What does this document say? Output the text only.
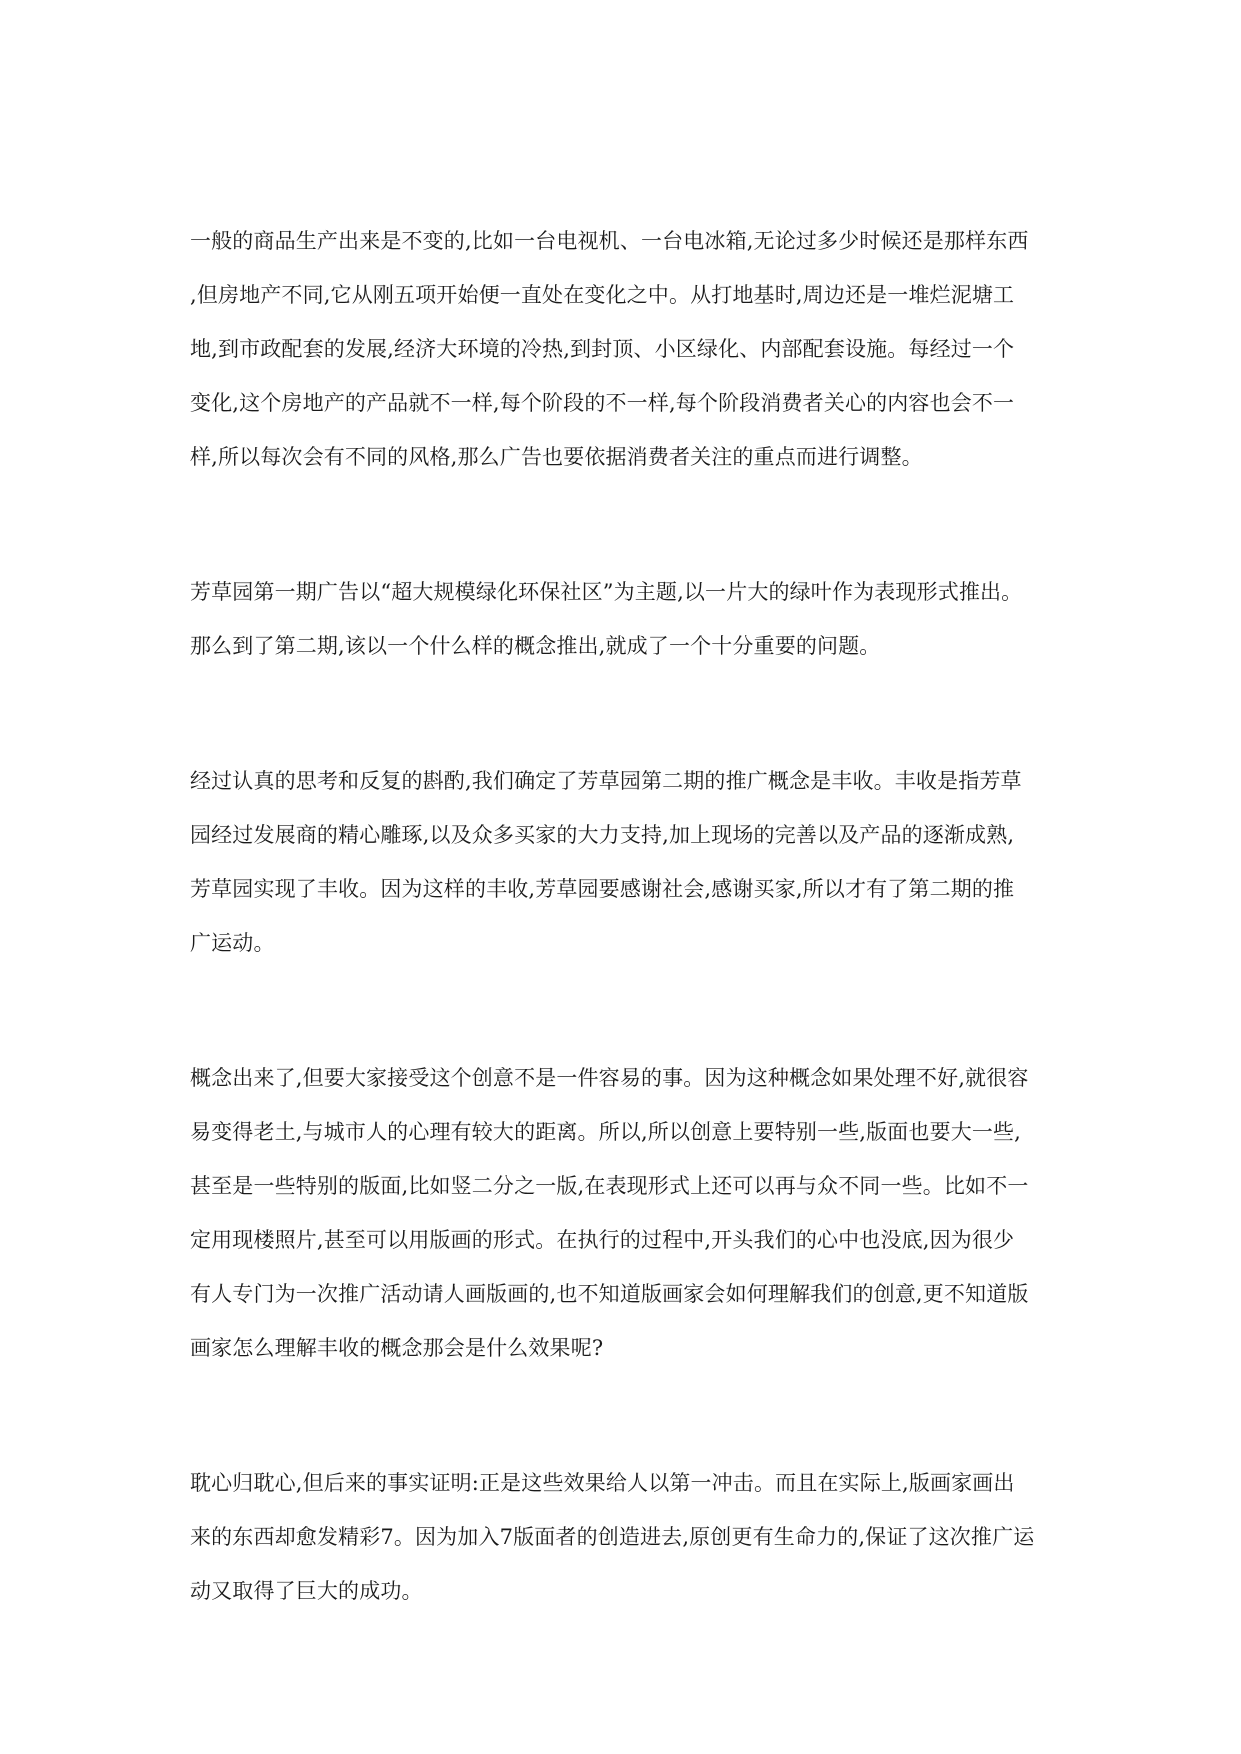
一般的商品生产出来是不变的,比如一台电视机、一台电冰箱,无论过多少时候还是那样东西
,但房地产不同,它从刚五项开始便一直处在变化之中。从打地基时,周边还是一堆烂泥塘工
地,到市政配套的发展,经济大环境的冷热,到封顶、小区绿化、内部配套设施。每经过一个
变化,这个房地产的产品就不一样,每个阶段的不一样,每个阶段消费者关心的内容也会不一
样,所以每次会有不同的风格,那么广告也要依据消费者关注的重点而进行调整。

芳草园第一期广告以“超大规模绿化环保社区”为主题,以一片大的绿叶作为表现形式推出。
那么到了第二期,该以一个什么样的概念推出,就成了一个十分重要的问题。

经过认真的思考和反复的斟酌,我们确定了芳草园第二期的推广概念是丰收。丰收是指芳草
园经过发展商的精心雕琢,以及众多买家的大力支持,加上现场的完善以及产品的逐渐成熟,
芳草园实现了丰收。因为这样的丰收,芳草园要感谢社会,感谢买家,所以才有了第二期的推
广运动。

概念出来了,但要大家接受这个创意不是一件容易的事。因为这种概念如果处理不好,就很容
易变得老土,与城市人的心理有较大的距离。所以,所以创意上要特别一些,版面也要大一些,
甚至是一些特别的版面,比如竖二分之一版,在表现形式上还可以再与众不同一些。比如不一
定用现楼照片,甚至可以用版画的形式。在执行的过程中,开头我们的心中也没底,因为很少
有人专门为一次推广活动请人画版画的,也不知道版画家会如何理解我们的创意,更不知道版
画家怎么理解丰收的概念那会是什么效果呢?

耽心归耽心,但后来的事实证明:正是这些效果给人以第一冲击。而且在实际上,版画家画出
来的东西却愈发精彩7。因为加入7版面者的创造进去,原创更有生命力的,保证了这次推广运
动又取得了巨大的成功。
